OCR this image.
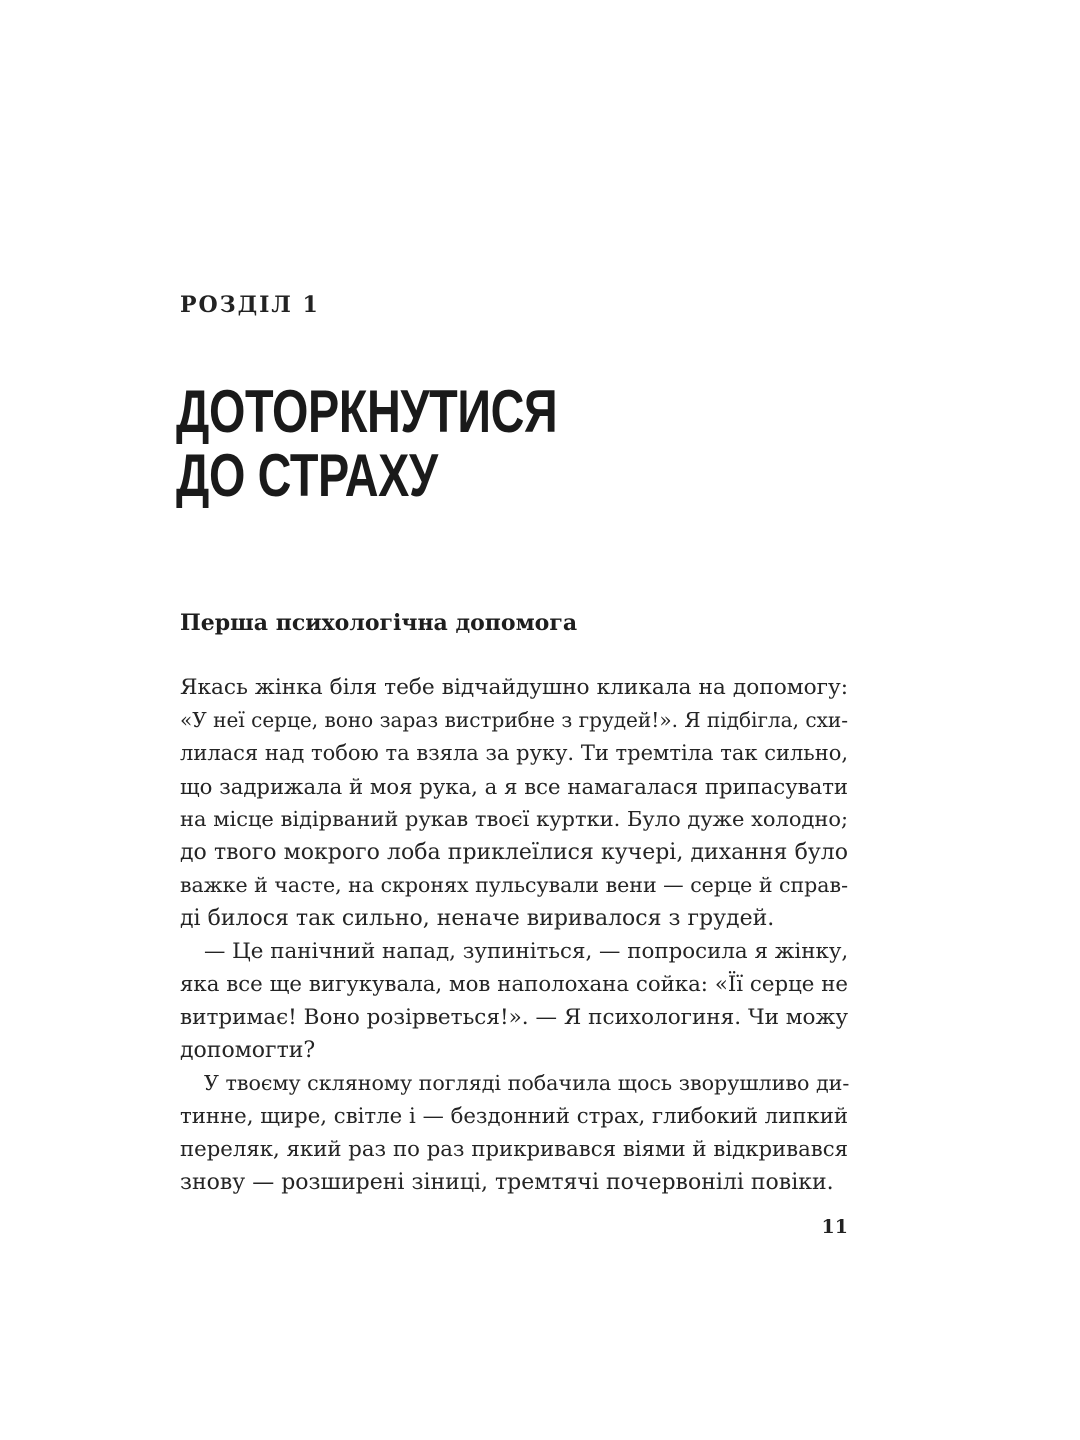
РОЗДІЛ 1
ДОТОРКНУТИСЯ
ДО СТРАХУ
Перша психологічна допомога
Якась жінка біля тебе відчайдушно кликала на допомогу:
«У неї серце, воно зараз вистрибне з грудей!». Я підбігла, схи-
лилася над тобою та взяла за руку. Ти тремтіла так сильно,
що задрижала й моя рука, а я все намагалася припасувати
на місце відірваний рукав твоєї куртки. Було дуже холодно;
до твого мокрого лоба приклеїлися кучері, дихання було
важке й часте, на скронях пульсували вени — серце й справ-
ді билося так сильно, неначе виривалося з грудей.
— Це панічний напад, зупиніться, — попросила я жінку,
яка все ще вигукувала, мов наполохана сойка: «Її серце не
витримає! Воно розірветься!». — Я психологиня. Чи можу
допомогти?
У твоєму скляному погляді побачила щось зворушливо ди-
тинне, щире, світле і — бездонний страх, глибокий липкий
переляк, який раз по раз прикривався віями й відкривався
знову — розширені зіниці, тремтячі почервонілі повіки.
11
